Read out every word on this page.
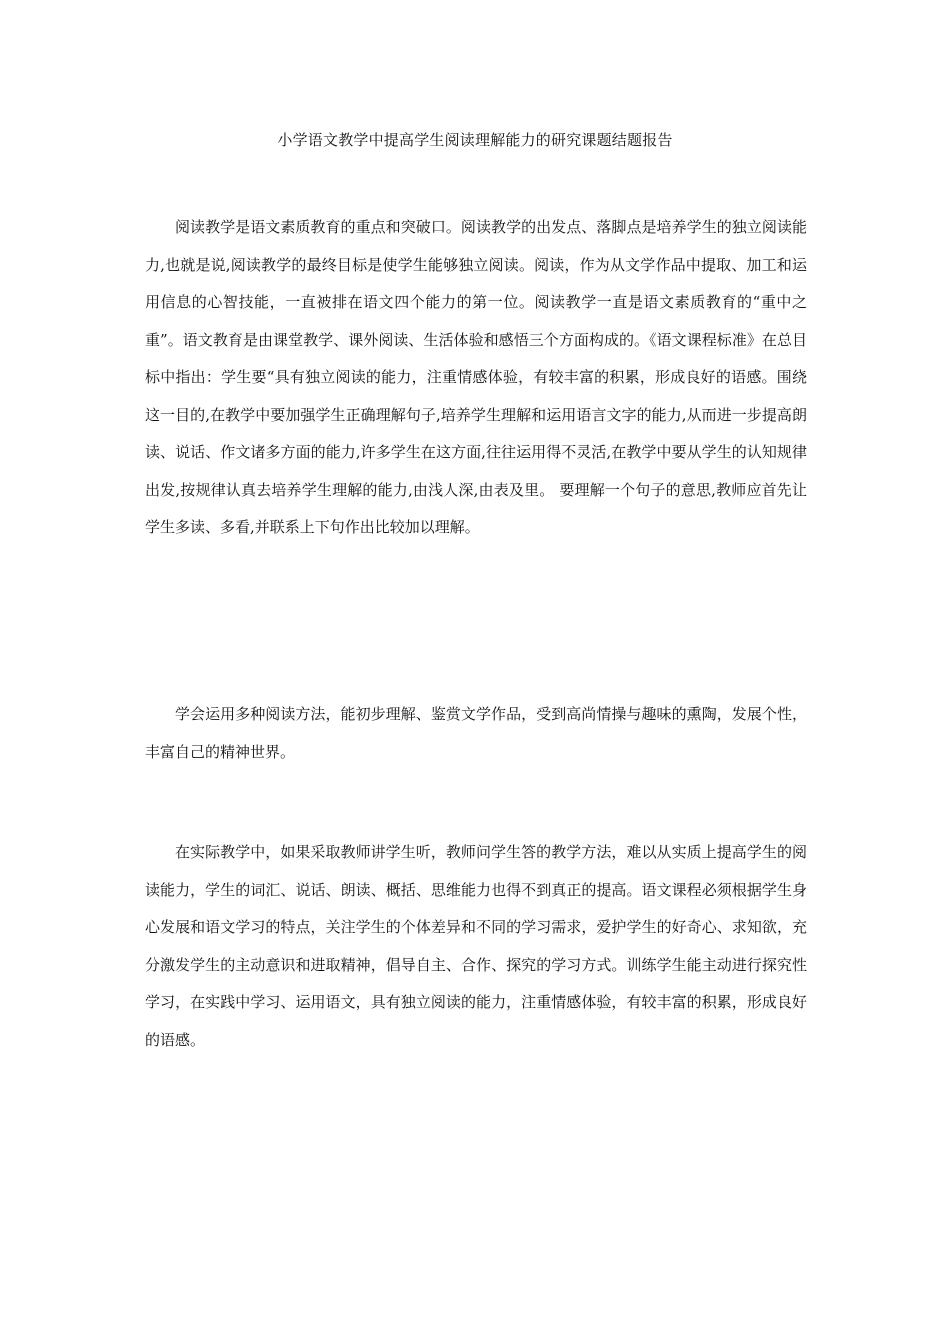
小学语文教学中提高学生阅读理解能力的研究课题结题报告

阅读教学是语文素质教育的重点和突破口。阅读教学的出发点、落脚点是培养学生的独立阅读能力,也就是说,阅读教学的最终目标是使学生能够独立阅读。阅读，作为从文学作品中提取、加工和运用信息的心智技能，一直被排在语文四个能力的第一位。阅读教学一直是语文素质教育的“重中之重”。语文教育是由课堂教学、课外阅读、生活体验和感悟三个方面构成的。《语文课程标准》在总目标中指出：学生要“具有独立阅读的能力，注重情感体验，有较丰富的积累，形成良好的语感。围绕这一目的,在教学中要加强学生正确理解句子,培养学生理解和运用语言文字的能力,从而进一步提高朗读、说话、作文诸多方面的能力,许多学生在这方面,往往运用得不灵活,在教学中要从学生的认知规律出发,按规律认真去培养学生理解的能力,由浅人深,由表及里。 要理解一个句子的意思,教师应首先让学生多读、多看,并联系上下句作出比较加以理解。

学会运用多种阅读方法，能初步理解、鉴赏文学作品，受到高尚情操与趣味的熏陶，发展个性，丰富自己的精神世界。

在实际教学中，如果采取教师讲学生听，教师问学生答的教学方法，难以从实质上提高学生的阅读能力，学生的词汇、说话、朗读、概括、思维能力也得不到真正的提高。语文课程必须根据学生身心发展和语文学习的特点，关注学生的个体差异和不同的学习需求，爱护学生的好奇心、求知欲，充分激发学生的主动意识和进取精神，倡导自主、合作、探究的学习方式。训练学生能主动进行探究性学习，在实践中学习、运用语文，具有独立阅读的能力，注重情感体验，有较丰富的积累，形成良好的语感。
